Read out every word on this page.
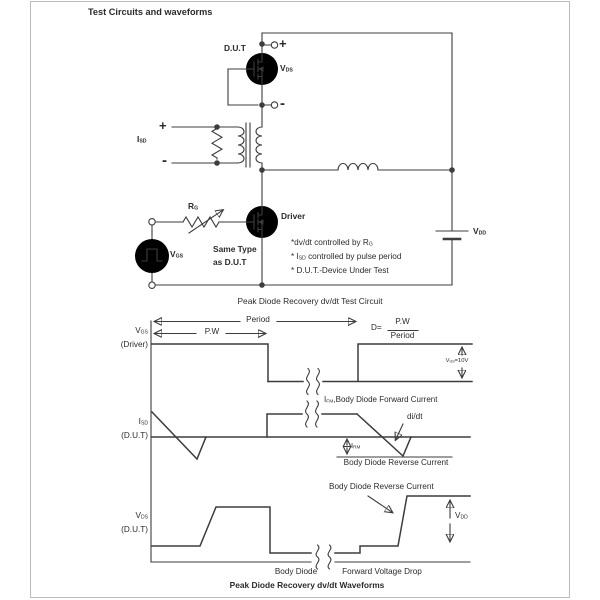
Test Circuits and waveforms
D.U.T
$V_{DS}$
+
-
$I_{SD}$
+
-
$R_G$
Driver
Same Type
as D.U.T
$V_{GS}$
$V_{DD}$
*dv/dt controlled by $R_G$
* $I_{SD}$ controlled by pulse period
* D.U.T.-Device Under Test
Peak Diode Recovery dv/dt Test Circuit
$V_{GS}$
(Driver)
Period
P.W	D=
P.W
Period
$V_{GS}=10V$
$I_{SD}$
(D.U.T)
$I_{FM},Body$ Diode Forward Current
di/dt
$I_{RM}$
Body Diode Reverse Current
$V_{DS}$
(D.U.T)
Body Diode Reverse Current
$V_{DD}$
Body Diode	Forward Voltage Drop
Peak Diode Recovery dv/dt Waveforms
